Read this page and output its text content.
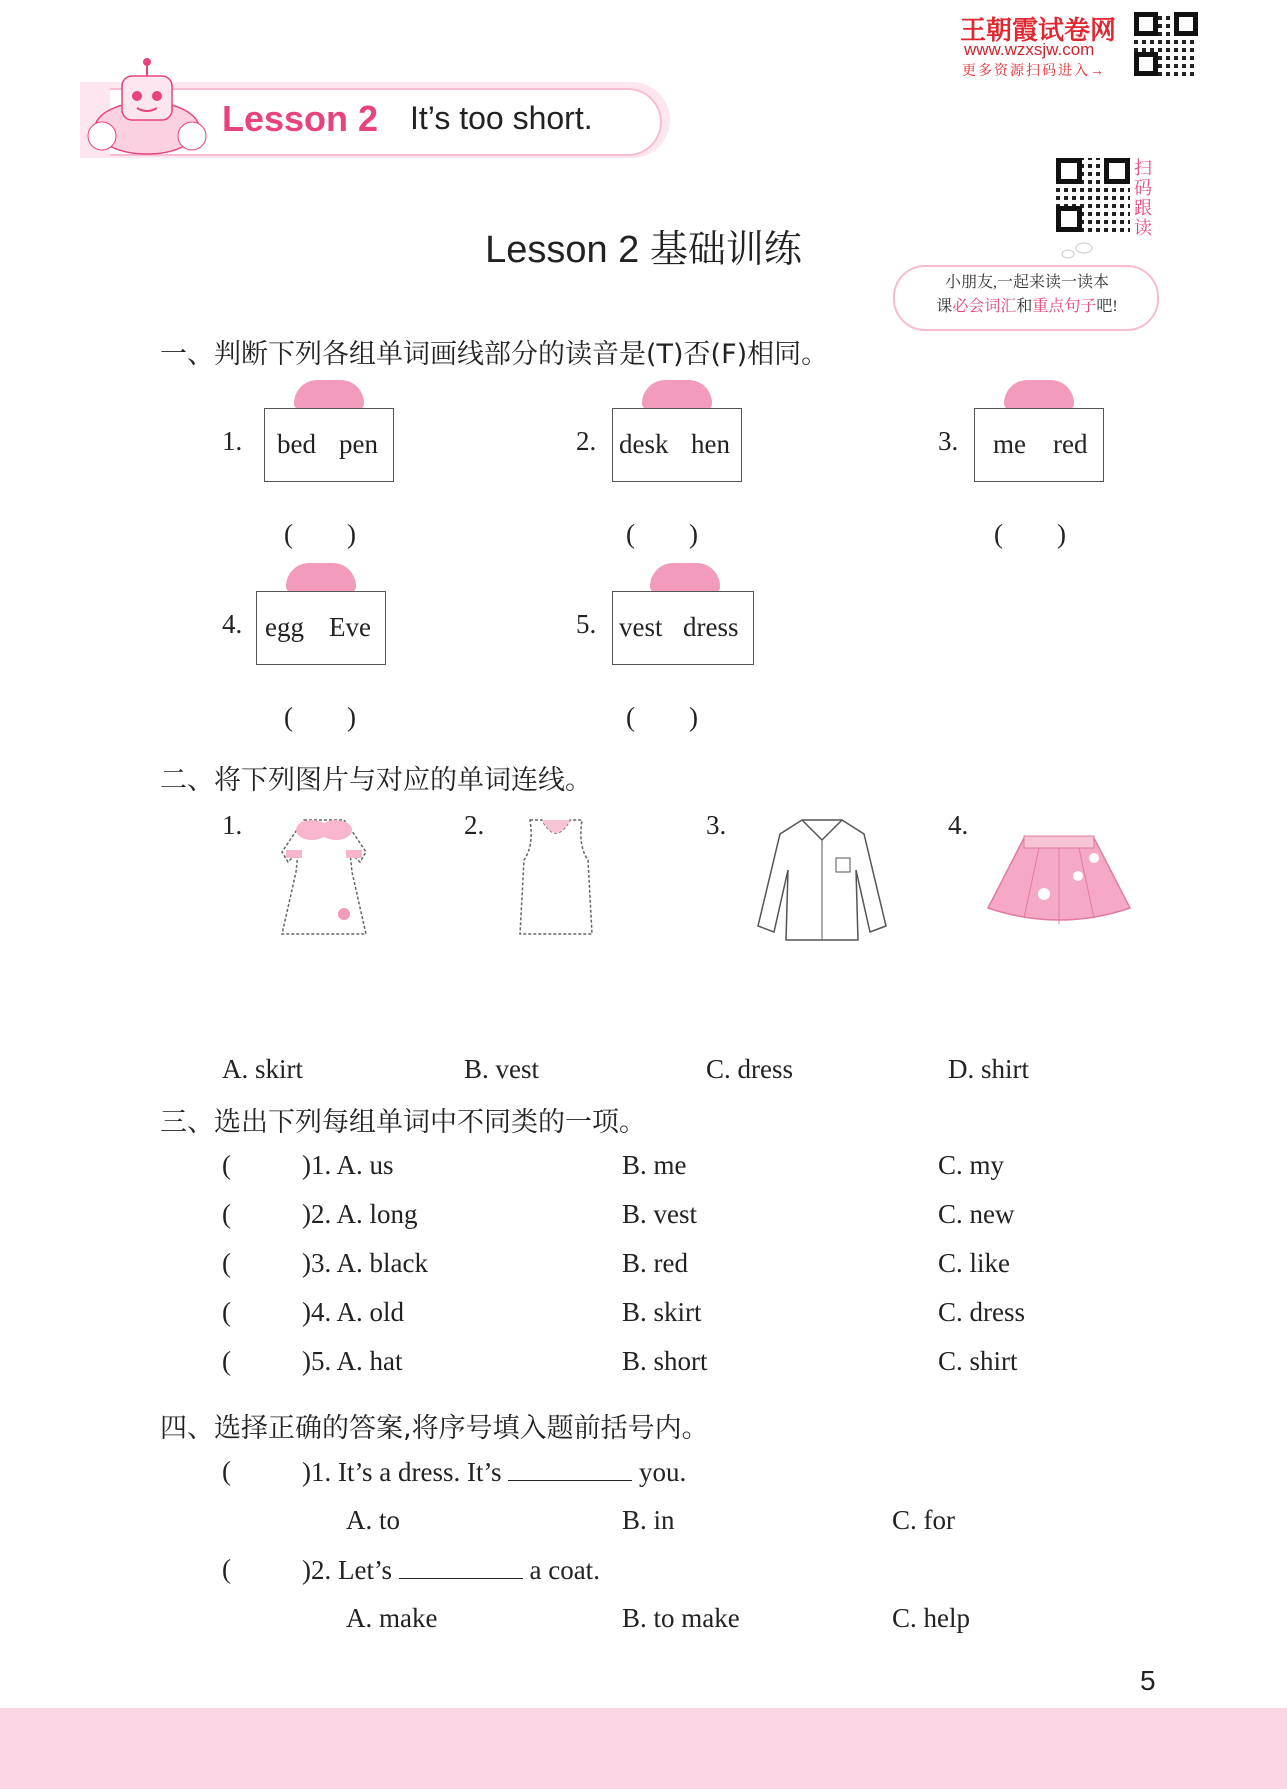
Lesson 2 It’s too short.
王朝霞试卷网
www.wzxsjw.com
更多资源扫码进入→
扫码跟读
Lesson 2 基础训练
小朋友,一起来读一读本
课必会词汇和重点句子吧!
一、判断下列各组单词画线部分的读音是(T)否(F)相同。
1. bed pen
(　　)
2. desk hen
(　　)
3. me red
(　　)
4. egg Eve
(　　)
5. vest dress
(　　)
二、将下列图片与对应的单词连线。
1.	2.	3.	4.
A. skirt	B. vest	C. dress	D. shirt
三、选出下列每组单词中不同类的一项。
(	)1. A. us	B. me	C. my
(	)2. A. long	B. vest	C. new
(	)3. A. black	B. red	C. like
(	)4. A. old	B. skirt	C. dress
(	)5. A. hat	B. short	C. shirt
四、选择正确的答案,将序号填入题前括号内。
(	)1. It’s a dress. It’s	you.
A. to	B. in	C. for
(	)2. Let’s	a coat.
A. make	B. to make	C. help
5
